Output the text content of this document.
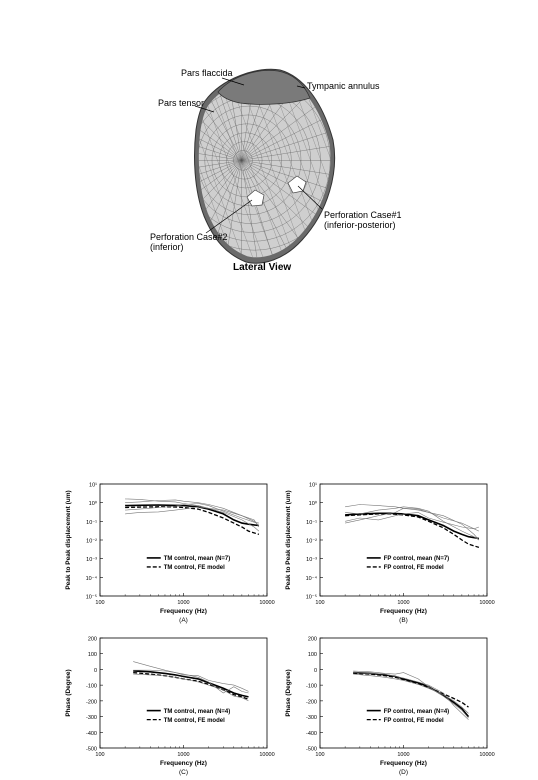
Pars flaccida
Tympanic annulus
Pars tensor
Perforation Case#1
(inferior-posterior)
Perforation Case#2
(inferior)
Lateral View
10⁻⁵
10⁻⁴
10⁻³
10⁻²
10⁻¹
10⁰
10¹
100	1000	10000
Frequency (Hz)
Peak to Peak displacement (um)
(A)
TM control, mean (N=7)
TM control, FE model
10⁻⁵
10⁻⁴
10⁻³
10⁻²
10⁻¹
10⁰
10¹
100	1000	10000
Frequency (Hz)
Peak to Peak displacement (um)
(B)
FP control, mean (N=7)
FP control, FE model
-500
-400
-300
-200
-100
0
100
200
100	1000	10000
Frequency (Hz)
Phase (Degree)
(C)
TM control, mean (N=4)
TM control, FE model
-500
-400
-300
-200
-100
0
100
200
100	1000	10000
Frequency (Hz)
Phase (Degree)
(D)
FP control, mean (N=4)
FP control, FE model
